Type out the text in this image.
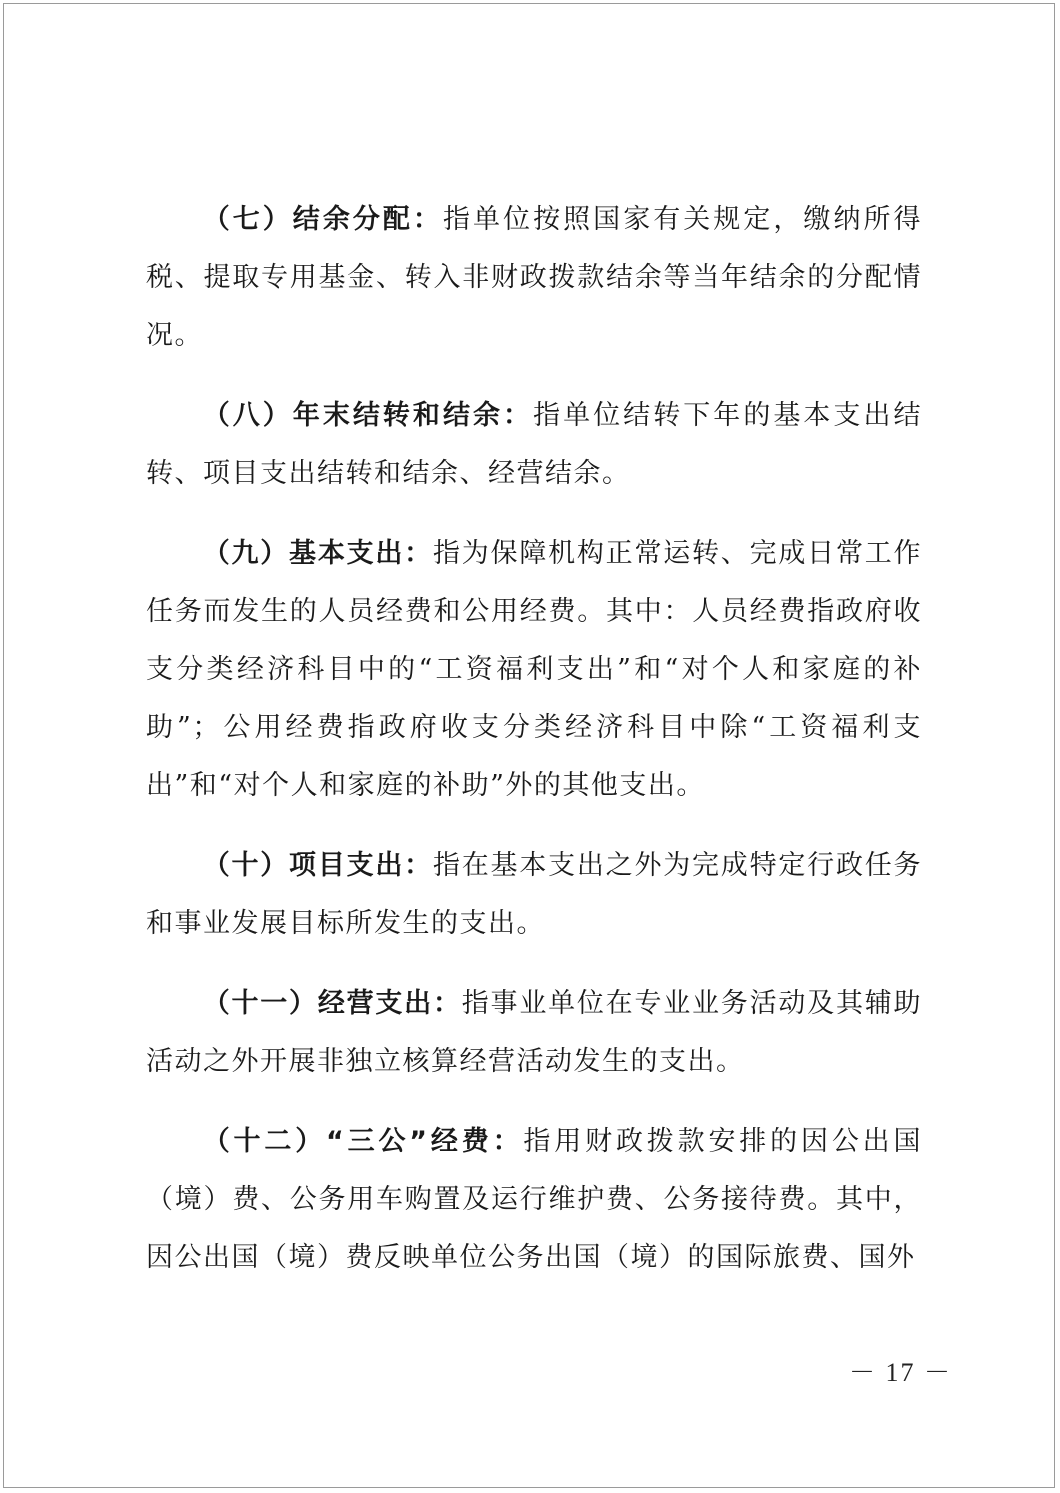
（七）结余分配：指单位按照国家有关规定，缴纳所得税、提取专用基金、转入非财政拨款结余等当年结余的分配情况。

（八）年末结转和结余：指单位结转下年的基本支出结转、项目支出结转和结余、经营结余。

（九）基本支出：指为保障机构正常运转、完成日常工作任务而发生的人员经费和公用经费。其中：人员经费指政府收支分类经济科目中的“工资福利支出”和“对个人和家庭的补助”；公用经费指政府收支分类经济科目中除“工资福利支出”和“对个人和家庭的补助”外的其他支出。

（十）项目支出：指在基本支出之外为完成特定行政任务和事业发展目标所发生的支出。

（十一）经营支出：指事业单位在专业业务活动及其辅助活动之外开展非独立核算经营活动发生的支出。

（十二）“三公”经费：指用财政拨款安排的因公出国（境）费、公务用车购置及运行维护费、公务接待费。其中，因公出国（境）费反映单位公务出国（境）的国际旅费、国外

－ 17 －
